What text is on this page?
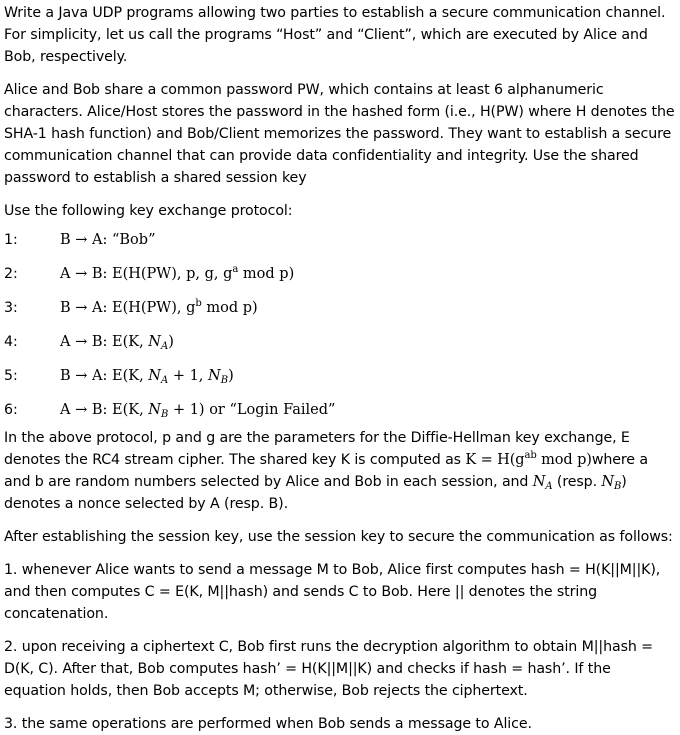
Write a Java UDP programs allowing two parties to establish a secure communication channel. For simplicity, let us call the programs “Host” and “Client”, which are executed by Alice and Bob, respectively.

Alice and Bob share a common password PW, which contains at least 6 alphanumeric characters. Alice/Host stores the password in the hashed form (i.e., H(PW) where H denotes the SHA-1 hash function) and Bob/Client memorizes the password. They want to establish a secure communication channel that can provide data confidentiality and integrity. Use the shared password to establish a shared session key

Use the following key exchange protocol:

1:	B → A: “Bob”
2:	A → B: E(H(PW), p, g, $g^a$ mod p)
3:	B → A: E(H(PW), $g^b$ mod p)
4:	A → B: E(K, $N_A$)
5:	B → A: E(K, $N_A + 1$, $N_B$)
6:	A → B: E(K, $N_B + 1$) or “Login Failed”

In the above protocol, p and g are the parameters for the Diffie-Hellman key exchange, E denotes the RC4 stream cipher. The shared key K is computed as $K = H(g^{ab}$ mod p)where a and b are random numbers selected by Alice and Bob in each session, and $N_A$ (resp. $N_B$) denotes a nonce selected by A (resp. B).

After establishing the session key, use the session key to secure the communication as follows:

1. whenever Alice wants to send a message M to Bob, Alice first computes hash = H(K||M||K), and then computes C = E(K, M||hash) and sends C to Bob. Here || denotes the string concatenation.

2. upon receiving a ciphertext C, Bob first runs the decryption algorithm to obtain M||hash = D(K, C). After that, Bob computes hash’ = H(K||M||K) and checks if hash = hash’. If the equation holds, then Bob accepts M; otherwise, Bob rejects the ciphertext.

3. the same operations are performed when Bob sends a message to Alice.
